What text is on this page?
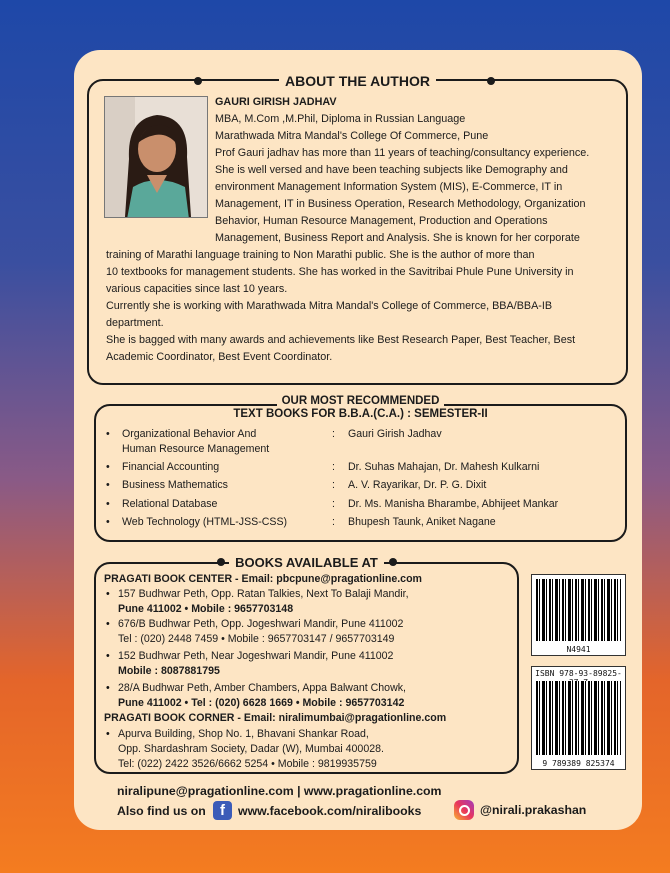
ABOUT THE AUTHOR
GAURI GIRISH JADHAV
MBA, M.Com ,M.Phil, Diploma in Russian Language
Marathwada Mitra Mandal's College Of Commerce, Pune
Prof Gauri jadhav has more than 11 years of teaching/consultancy experience.
She is well versed and have been teaching subjects like Demography and
environment Management Information System (MIS), E-Commerce, IT in
Management, IT in Business Operation, Research Methodology, Organization
Behavior, Human Resource Management, Production and Operations
Management, Business Report and Analysis. She is known for her corporate
training of Marathi language training to Non Marathi public. She is the author of more than
10 textbooks for management students. She has worked in the Savitribai Phule Pune University in
various capacities since last 10 years.
Currently she is working with Marathwada Mitra Mandal's College of Commerce, BBA/BBA-IB
department.
She is bagged with many awards and achievements like Best Research Paper, Best Teacher, Best
Academic Coordinator, Best Event Coordinator.
OUR MOST RECOMMENDED
TEXT BOOKS FOR B.B.A.(C.A.) : SEMESTER-II
• Organizational Behavior And
Human Resource Management
: Gauri Girish Jadhav
• Financial Accounting	: Dr. Suhas Mahajan, Dr. Mahesh Kulkarni
• Business Mathematics	: A. V. Rayarikar, Dr. P. G. Dixit
• Relational Database	: Dr. Ms. Manisha Bharambe, Abhijeet Mankar
• Web Technology (HTML-JSS-CSS)	: Bhupesh Taunk, Aniket Nagane
BOOKS AVAILABLE AT
PRAGATI BOOK CENTER - Email: pbcpune@pragationline.com
• 157 Budhwar Peth, Opp. Ratan Talkies, Next To Balaji Mandir,
Pune 411002 • Mobile : 9657703148
• 676/B Budhwar Peth, Opp. Jogeshwari Mandir, Pune 411002
Tel : (020) 2448 7459 • Mobile : 9657703147 / 9657703149
• 152 Budhwar Peth, Near Jogeshwari Mandir, Pune 411002
Mobile : 8087881795
• 28/A Budhwar Peth, Amber Chambers, Appa Balwant Chowk,
Pune 411002 • Tel : (020) 6628 1669 • Mobile : 9657703142
PRAGATI BOOK CORNER - Email: niralimumbai@pragationline.com
• Apurva Building, Shop No. 1, Bhavani Shankar Road,
Opp. Shardashram Society, Dadar (W), Mumbai 400028.
Tel: (022) 2422 3526/6662 5254 • Mobile : 9819935759
N4941
ISBN 978-93-89825-
9 789389 825374
niralipune@pragationline.com | www.pragationline.com
Also find us on f	www.facebook.com/niralibooks	@nirali.prakashan
